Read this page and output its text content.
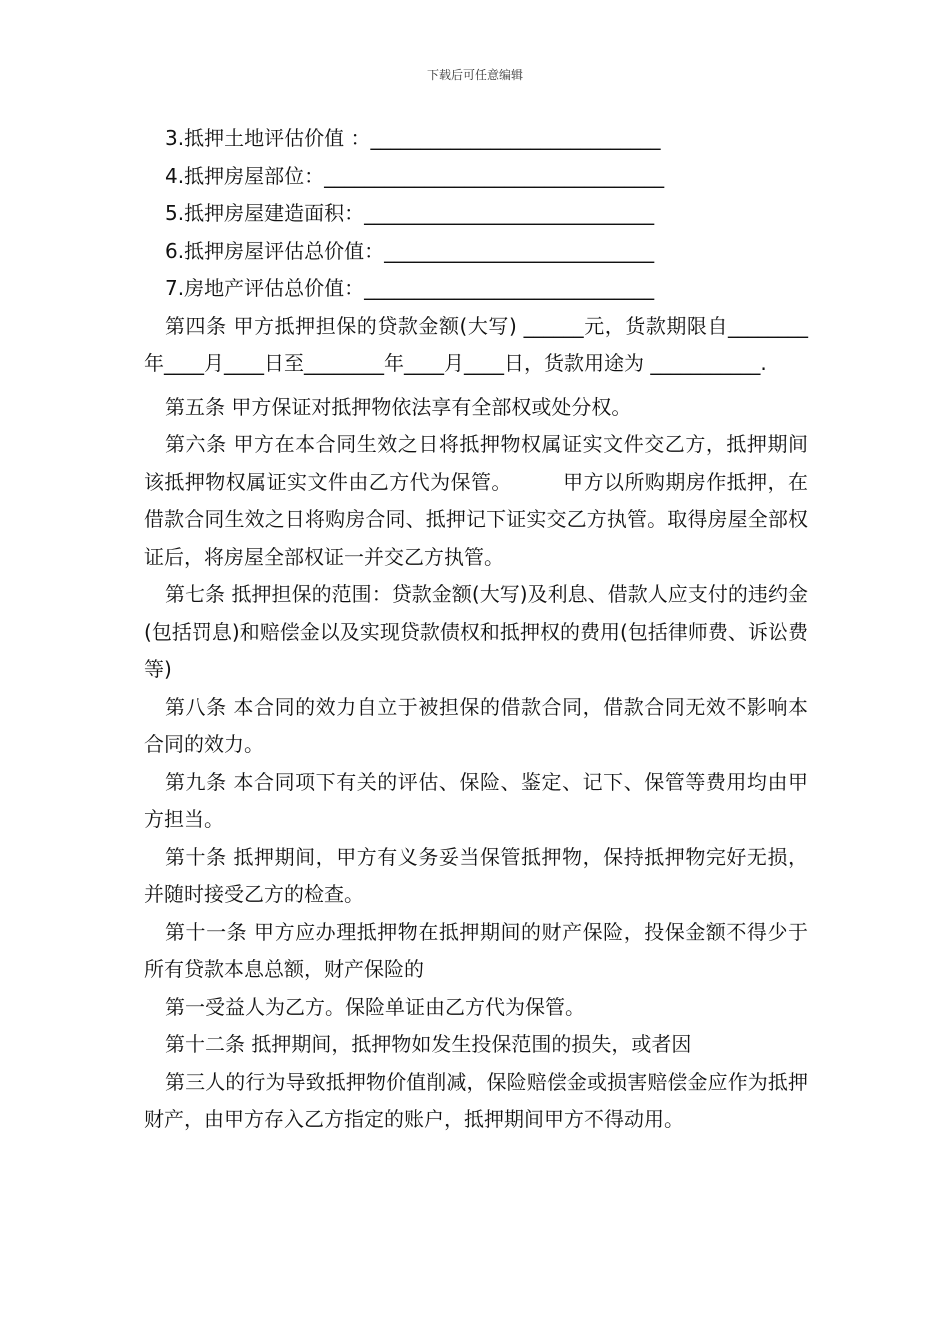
下载后可任意编辑
3.抵押土地评估价值 ：_____________________________
4.抵押房屋部位：__________________________________
5.抵押房屋建造面积：_____________________________
6.抵押房屋评估总价值：___________________________
7.房地产评估总价值：_____________________________

第四条 甲方抵押担保的贷款金额(大写) ______元，货款期限自________年____月____日至________年____月____日，货款用途为 ___________.

第五条 甲方保证对抵押物依法享有全部权或处分权。

第六条 甲方在本合同生效之日将抵押物权属证实文件交乙方，抵押期间该抵押物权属证实文件由乙方代为保管。　　　甲方以所购期房作抵押，在借款合同生效之日将购房合同、抵押记下证实交乙方执管。取得房屋全部权证后，将房屋全部权证一并交乙方执管。

第七条 抵押担保的范围：贷款金额(大写)及利息、借款人应支付的违约金(包括罚息)和赔偿金以及实现贷款债权和抵押权的费用(包括律师费、诉讼费等)

第八条 本合同的效力自立于被担保的借款合同，借款合同无效不影响本合同的效力。

第九条 本合同项下有关的评估、保险、鉴定、记下、保管等费用均由甲方担当。

第十条 抵押期间，甲方有义务妥当保管抵押物，保持抵押物完好无损，并随时接受乙方的检查。

第十一条 甲方应办理抵押物在抵押期间的财产保险，投保金额不得少于所有贷款本息总额，财产保险的

第一受益人为乙方。保险单证由乙方代为保管。

第十二条 抵押期间，抵押物如发生投保范围的损失，或者因

第三人的行为导致抵押物价值削减，保险赔偿金或损害赔偿金应作为抵押财产，由甲方存入乙方指定的账户，抵押期间甲方不得动用。
